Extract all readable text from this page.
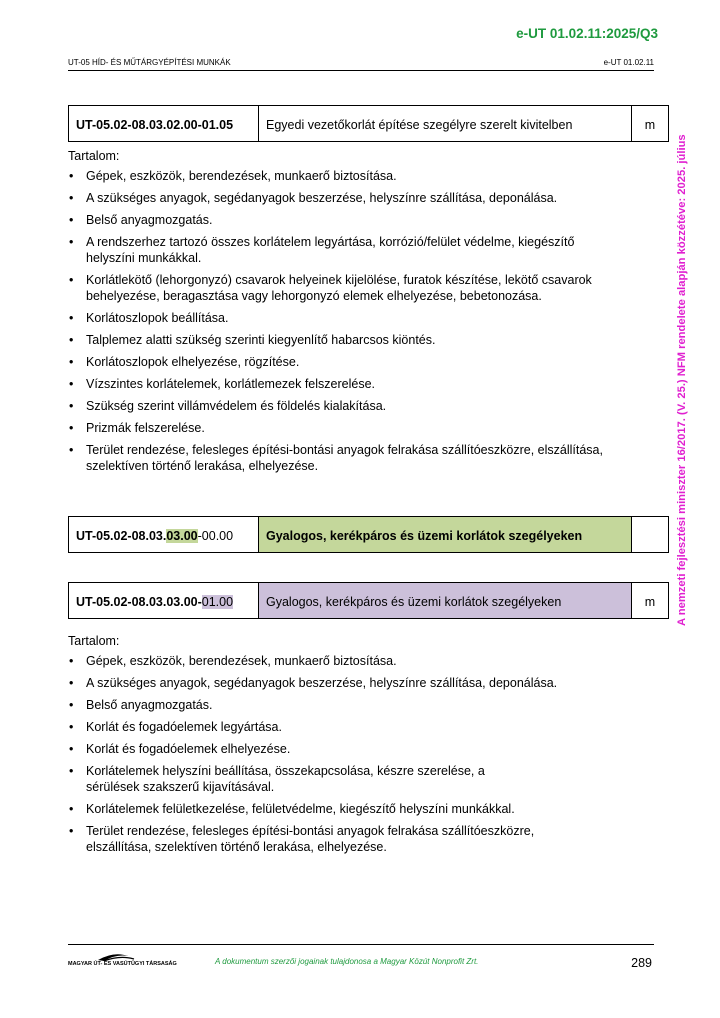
e-UT 01.02.11:2025/Q3
UT-05 HÍD- ÉS MŰTÁRGYÉPÍTÉSI MUNKÁK	e-UT 01.02.11
A nemzeti fejlesztési miniszter 16/2017. (V. 25.) NFM rendelete alapján közzétéve: 2025. július
UT-05.02-08.03.02.00-01.05	Egyedi vezetőkorlát építése szegélyre szerelt kivitelben	m
Tartalom:
• Gépek, eszközök, berendezések, munkaerő biztosítása.
• A szükséges anyagok, segédanyagok beszerzése, helyszínre szállítása, deponálása.
• Belső anyagmozgatás.
• A rendszerhez tartozó összes korlátelem legyártása, korrózió/felület védelme, kiegészítő helyszíni munkákkal.
• Korlátlekötő (lehorgonyzó) csavarok helyeinek kijelölése, furatok készítése, lekötő csavarok behelyezése, beragasztása vagy lehorgonyzó elemek elhelyezése, bebetonozása.
• Korlátoszlopok beállítása.
• Talplemez alatti szükség szerinti kiegyenlítő habarcsos kiöntés.
• Korlátoszlopok elhelyezése, rögzítése.
• Vízszintes korlátelemek, korlátlemezek felszerelése.
• Szükség szerint villámvédelem és földelés kialakítása.
• Prizmák felszerelése.
• Terület rendezése, felesleges építési-bontási anyagok felrakása szállítóeszközre, elszállítása, szelektíven történő lerakása, elhelyezése.
UT-05.02-08.03.03.00-00.00	Gyalogos, kerékpáros és üzemi korlátok szegélyeken	
UT-05.02-08.03.03.00-01.00	Gyalogos, kerékpáros és üzemi korlátok szegélyeken	m
Tartalom:
• Gépek, eszközök, berendezések, munkaerő biztosítása.
• A szükséges anyagok, segédanyagok beszerzése, helyszínre szállítása, deponálása.
• Belső anyagmozgatás.
• Korlát és fogadóelemek legyártása.
• Korlát és fogadóelemek elhelyezése.
• Korlátelemek helyszíni beállítása, összekapcsolása, készre szerelése, a sérülések szakszerű kijavításával.
• Korlátelemek felületkezelése, felületvédelme, kiegészítő helyszíni munkákkal.
• Terület rendezése, felesleges építési-bontási anyagok felrakása szállítóeszközre, elszállítása, szelektíven történő lerakása, elhelyezése.
MAGYAR ÚT- ÉS VASÚTÜGYI TÁRSASÁG	A dokumentum szerzői jogainak tulajdonosa a Magyar Közút Nonprofit Zrt.	289
